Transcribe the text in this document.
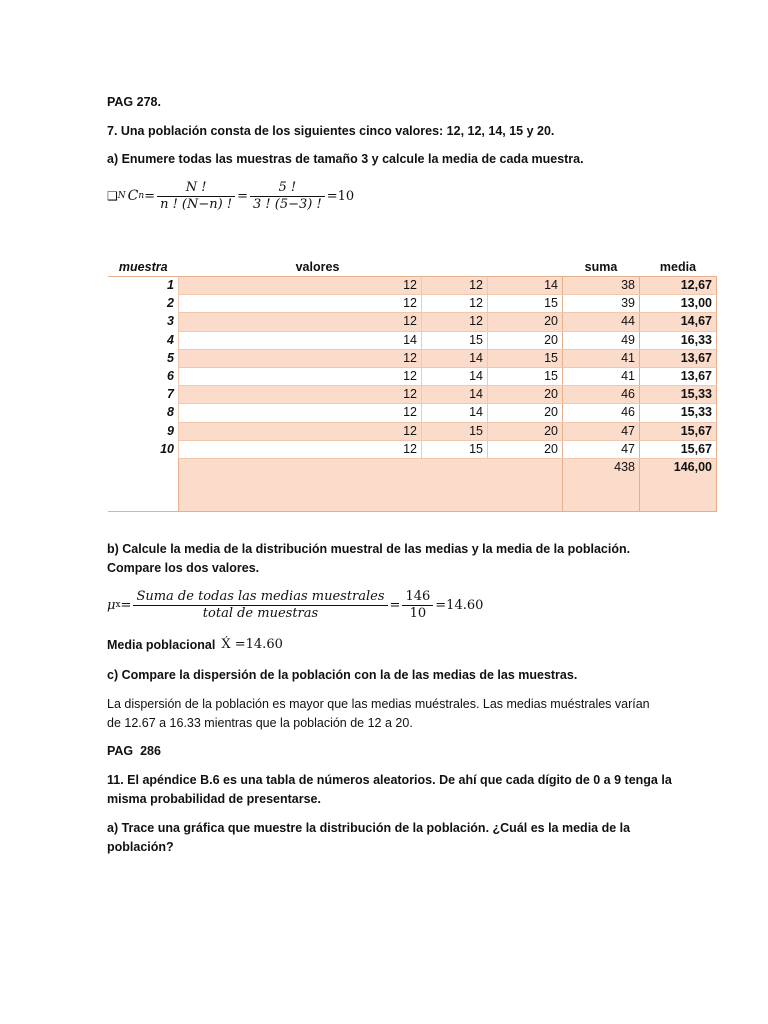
PAG 278.
7. Una población consta de los siguientes cinco valores: 12, 12, 14, 15 y 20.
a) Enumere todas las muestras de tamaño 3 y calcule la media de cada muestra.
❑ N C $n = \frac{N !}{n ! (N-n) !} = \frac{5 !}{3 ! (5-3) !} =10$
muestra	valores			suma	media
1	12	12	14	38	12,67
2	12	12	15	39	13,00
3	12	12	20	44	14,67
4	14	15	20	49	16,33
5	12	14	15	41	13,67
6	12	14	15	41	13,67
7	12	14	20	46	15,33
8	12	14	20	46	15,33
9	12	15	20	47	15,67
10	12	15	20	47	15,67
				438	146,00
b) Calcule la media de la distribución muestral de las medias y la media de la población.
Compare los dos valores.
μ $x = \frac{\text{Suma de todas las medias muestrales}}{\text{total de muestras}} = \frac{146}{10} =14.60$
Media poblacional X́ =14.60
c) Compare la dispersión de la población con la de las medias de las muestras.
La dispersión de la población es mayor que las medias muéstrales. Las medias muéstrales varían
de 12.67 a 16.33 mientras que la población de 12 a 20.
PAG  286
11. El apéndice B.6 es una tabla de números aleatorios. De ahí que cada dígito de 0 a 9 tenga la
misma probabilidad de presentarse.
a) Trace una gráfica que muestre la distribución de la población. ¿Cuál es la media de la
población?
